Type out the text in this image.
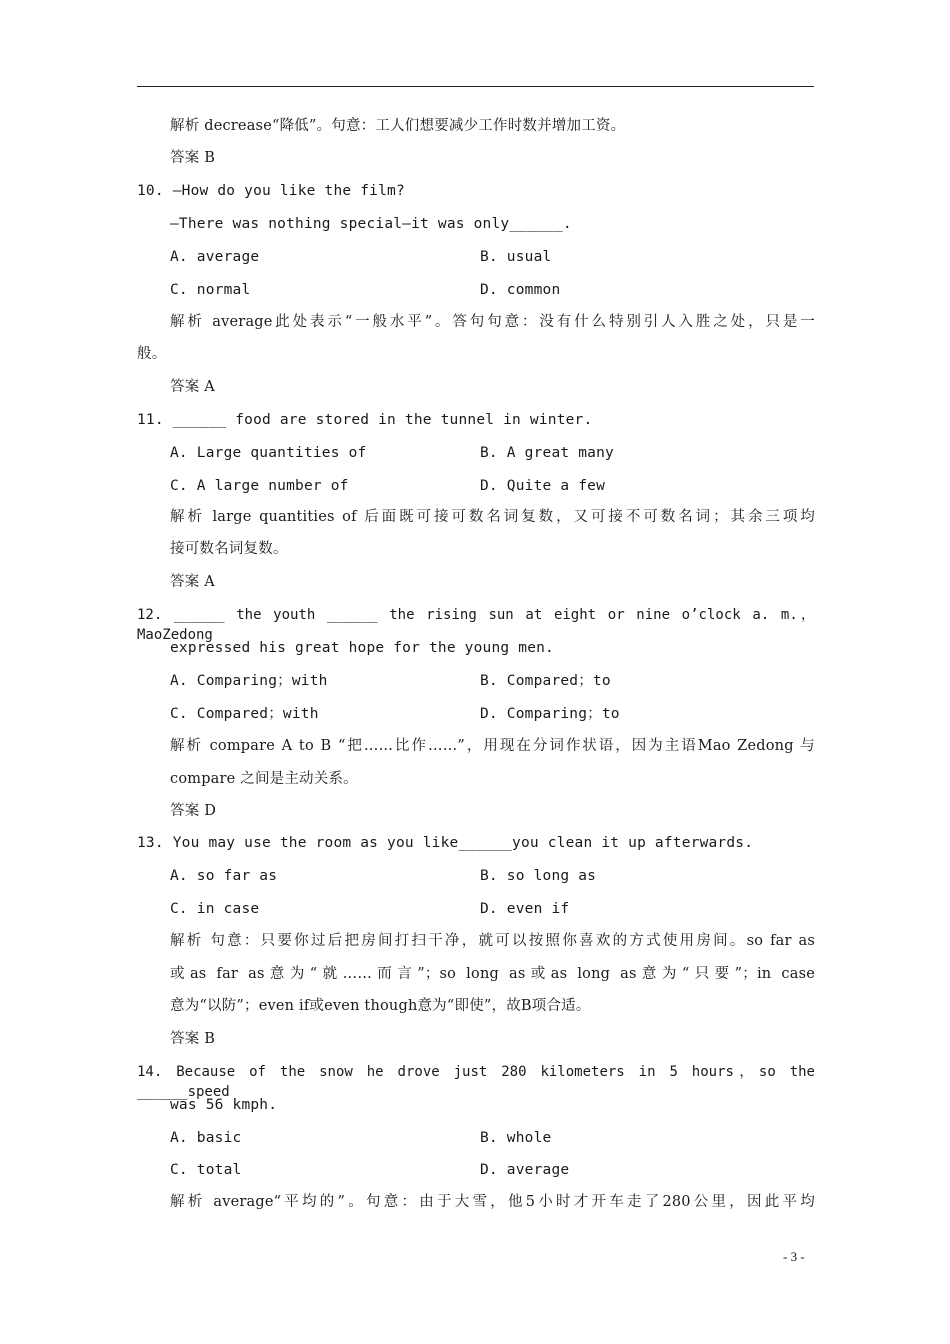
解析 decrease“降低”。句意：工人们想要减少工作时数并增加工资。
答案 B
10. —How do you like the film?
—There was nothing special—it was only______.
A. average	B. usual
C. normal	D. common
解析 average此处表示“一般水平”。答句句意：没有什么特别引人入胜之处，只是一
般。
答案 A
11. ______ food are stored in the tunnel in winter.
A. Large quantities of	B. A great many
C. A large number of	D. Quite a few
解析 large quantities of 后面既可接可数名词复数，又可接不可数名词；其余三项均
接可数名词复数。
答案 A
12. ______ the youth ______ the rising sun at eight or nine o’clock a. m.，MaoZedong
expressed his great hope for the young men.
A. Comparing；with	B. Compared；to
C. Compared；with	D. Comparing；to
解析 compare A to B “把……比作……”，用现在分词作状语，因为主语Mao Zedong 与
compare 之间是主动关系。
答案 D
13. You may use the room as you like______you clean it up afterwards.
A. so far as	B. so long as
C. in case	D. even if
解析 句意：只要你过后把房间打扫干净，就可以按照你喜欢的方式使用房间。so far as
或as far as意为“就……而言”；so long as或as long as意为“只要”；in case
意为“以防”；even if或even though意为“即使”，故B项合适。
答案 B
14. Because of the snow he drove just 280 kilometers in 5 hours，so the ______speed
was 56 kmph.
A. basic	B. whole
C. total	D. average
解析 average“平均的”。句意：由于大雪，他5小时才开车走了280公里，因此平均
- 3 -
